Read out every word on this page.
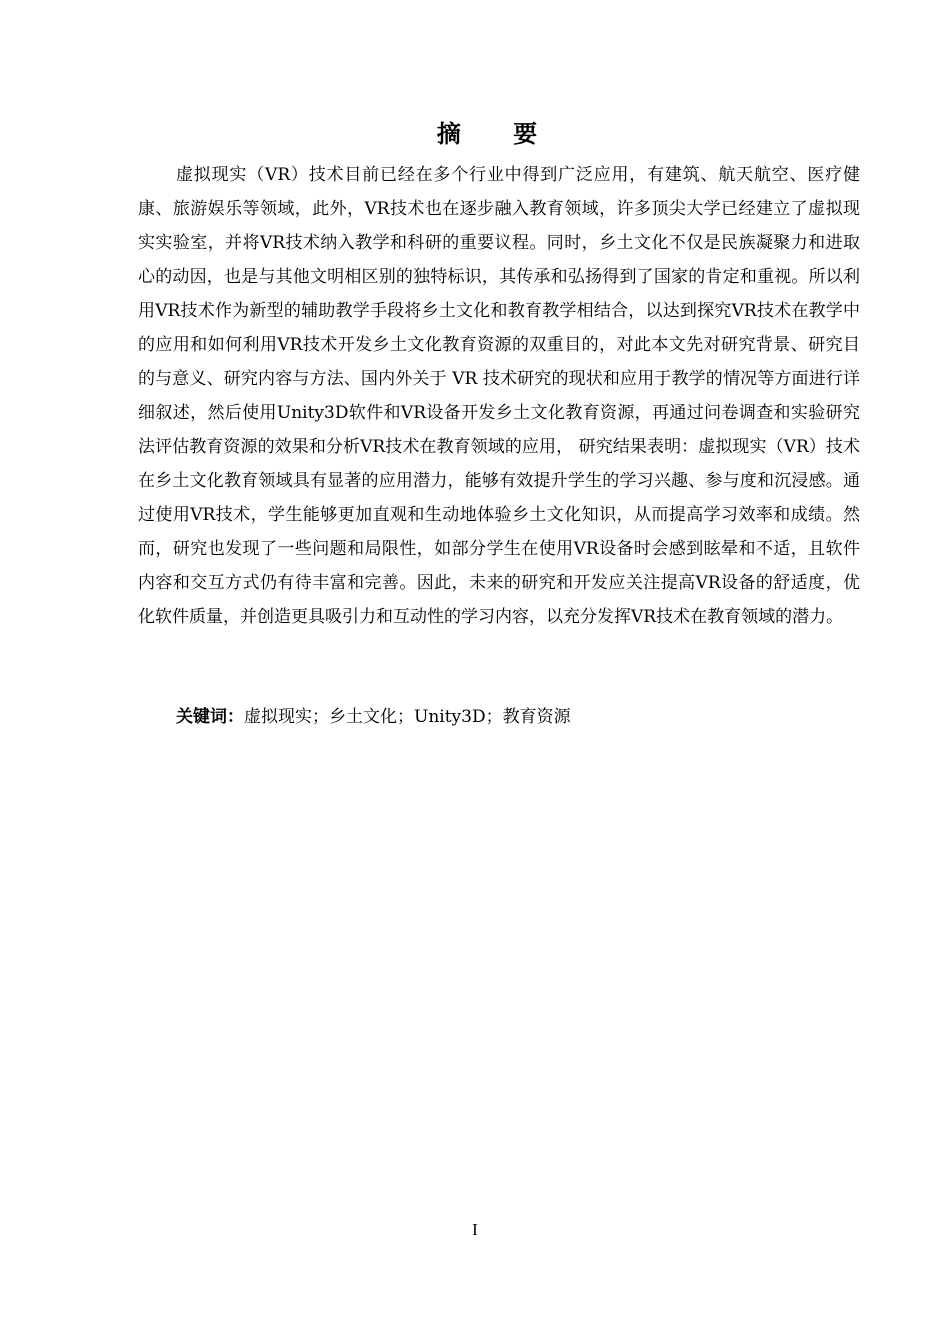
摘 要

虚拟现实（VR）技术目前已经在多个行业中得到广泛应用，有建筑、航天航空、医疗健康、旅游娱乐等领域，此外，VR技术也在逐步融入教育领域，许多顶尖大学已经建立了虚拟现实实验室，并将VR技术纳入教学和科研的重要议程。同时，乡土文化不仅是民族凝聚力和进取心的动因，也是与其他文明相区别的独特标识，其传承和弘扬得到了国家的肯定和重视。所以利用VR技术作为新型的辅助教学手段将乡土文化和教育教学相结合，以达到探究VR技术在教学中的应用和如何利用VR技术开发乡土文化教育资源的双重目的，对此本文先对研究背景、研究目的与意义、研究内容与方法、国内外关于 VR 技术研究的现状和应用于教学的情况等方面进行详细叙述，然后使用Unity3D软件和VR设备开发乡土文化教育资源，再通过问卷调查和实验研究法评估教育资源的效果和分析VR技术在教育领域的应用， 研究结果表明：虚拟现实（VR）技术在乡土文化教育领域具有显著的应用潜力，能够有效提升学生的学习兴趣、参与度和沉浸感。通过使用VR技术，学生能够更加直观和生动地体验乡土文化知识，从而提高学习效率和成绩。然而，研究也发现了一些问题和局限性，如部分学生在使用VR设备时会感到眩晕和不适，且软件内容和交互方式仍有待丰富和完善。因此，未来的研究和开发应关注提高VR设备的舒适度，优化软件质量，并创造更具吸引力和互动性的学习内容，以充分发挥VR技术在教育领域的潜力。

关键词：虚拟现实；乡土文化；Unity3D；教育资源

I
